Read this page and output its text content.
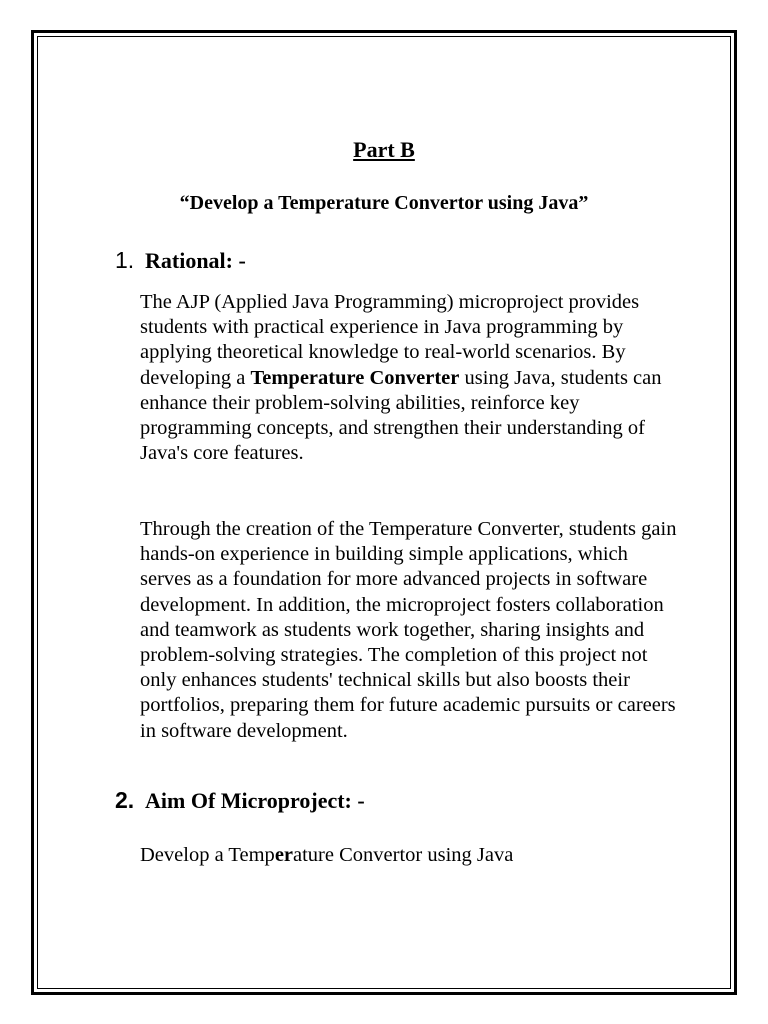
Part B
“Develop a Temperature Convertor using Java”
1. Rational: -

The AJP (Applied Java Programming) microproject provides students with practical experience in Java programming by applying theoretical knowledge to real-world scenarios. By developing a Temperature Converter using Java, students can enhance their problem-solving abilities, reinforce key programming concepts, and strengthen their understanding of Java's core features.

Through the creation of the Temperature Converter, students gain hands-on experience in building simple applications, which serves as a foundation for more advanced projects in software development. In addition, the microproject fosters collaboration and teamwork as students work together, sharing insights and problem-solving strategies. The completion of this project not only enhances students' technical skills but also boosts their portfolios, preparing them for future academic pursuits or careers in software development.

2. Aim Of Microproject: -

Develop a Temperature Convertor using Java
